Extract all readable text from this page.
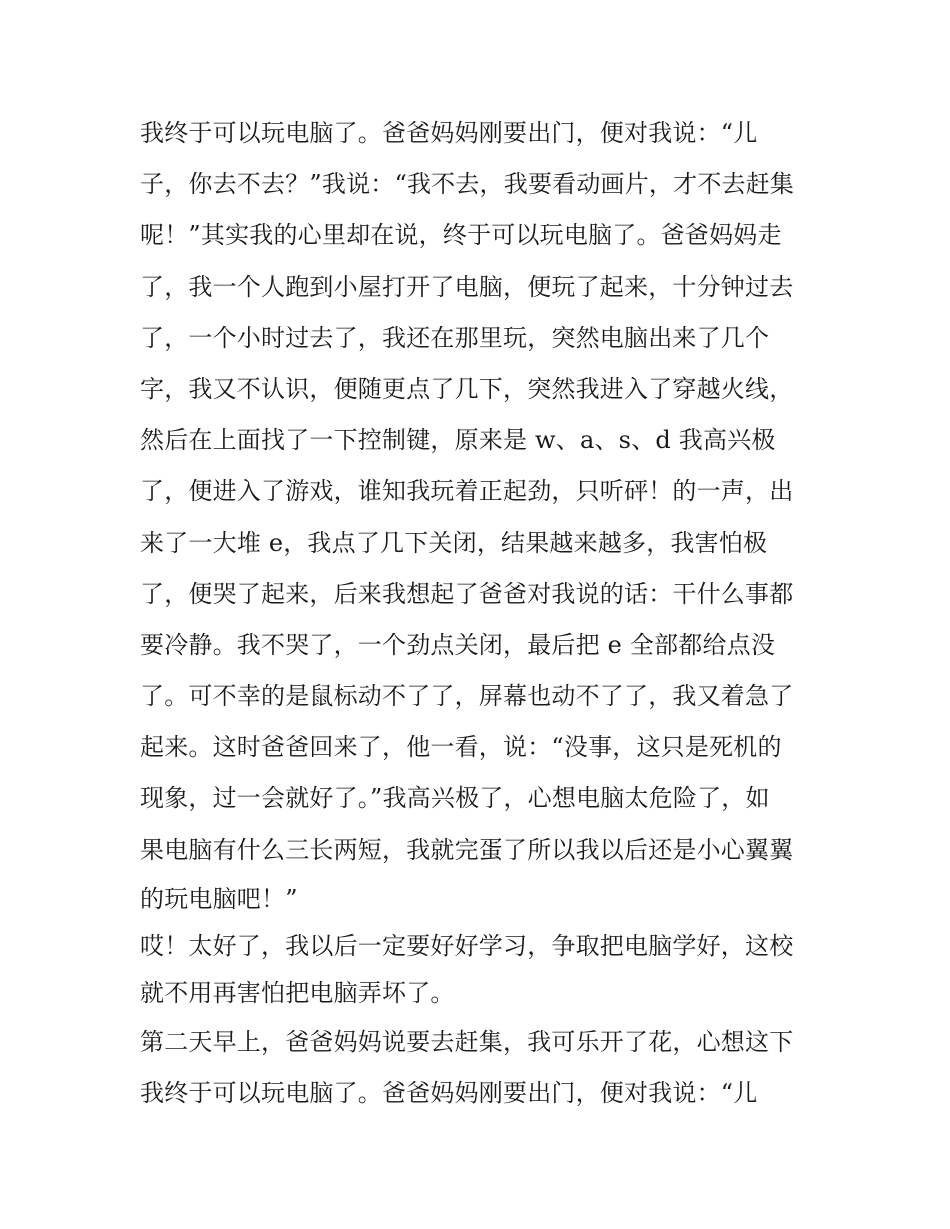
我终于可以玩电脑了。爸爸妈妈刚要出门，便对我说：“儿
子，你去不去？”我说：“我不去，我要看动画片，才不去赶集
呢！”其实我的心里却在说，终于可以玩电脑了。爸爸妈妈走
了，我一个人跑到小屋打开了电脑，便玩了起来，十分钟过去
了，一个小时过去了，我还在那里玩，突然电脑出来了几个
字，我又不认识，便随更点了几下，突然我进入了穿越火线，
然后在上面找了一下控制键，原来是 w、a、s、d 我高兴极
了，便进入了游戏，谁知我玩着正起劲，只听砰！的一声，出
来了一大堆 e，我点了几下关闭，结果越来越多，我害怕极
了，便哭了起来，后来我想起了爸爸对我说的话：干什么事都
要冷静。我不哭了，一个劲点关闭，最后把 e 全部都给点没
了。可不幸的是鼠标动不了了，屏幕也动不了了，我又着急了
起来。这时爸爸回来了，他一看，说：“没事，这只是死机的
现象，过一会就好了。”我高兴极了，心想电脑太危险了，如
果电脑有什么三长两短，我就完蛋了所以我以后还是小心翼翼
的玩电脑吧！”
哎！太好了，我以后一定要好好学习，争取把电脑学好，这校
就不用再害怕把电脑弄坏了。
第二天早上，爸爸妈妈说要去赶集，我可乐开了花，心想这下
我终于可以玩电脑了。爸爸妈妈刚要出门，便对我说：“儿
